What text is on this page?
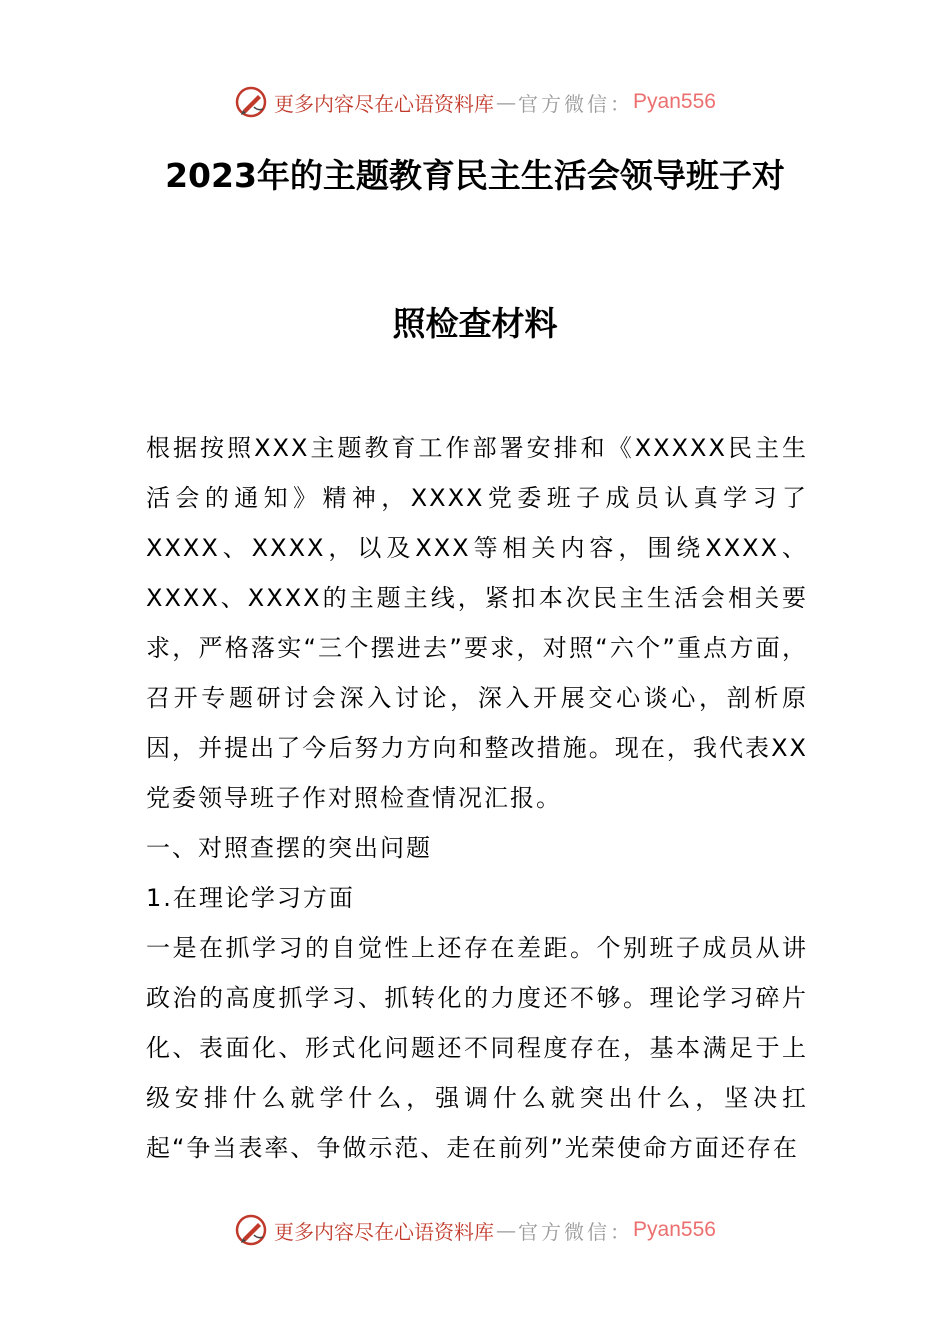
更多内容尽在心语资料库 — 官方微信： Pyan556
2023年的主题教育民主生活会领导班子对
照检查材料

根据按照XXX主题教育工作部署安排和《XXXXX民主生活会的通知》精神，XXXX党委班子成员认真学习了XXXX、XXXX，以及XXX等相关内容，围绕XXXX、XXXX、XXXX的主题主线，紧扣本次民主生活会相关要求，严格落实“三个摆进去”要求，对照“六个”重点方面，召开专题研讨会深入讨论，深入开展交心谈心，剖析原因，并提出了今后努力方向和整改措施。现在，我代表XX党委领导班子作对照检查情况汇报。

一、对照查摆的突出问题

1.在理论学习方面

一是在抓学习的自觉性上还存在差距。个别班子成员从讲政治的高度抓学习、抓转化的力度还不够。理论学习碎片化、表面化、形式化问题还不同程度存在，基本满足于上级安排什么就学什么，强调什么就突出什么，坚决扛起“争当表率、争做示范、走在前列”光荣使命方面还存在

更多内容尽在心语资料库 — 官方微信： Pyan556
